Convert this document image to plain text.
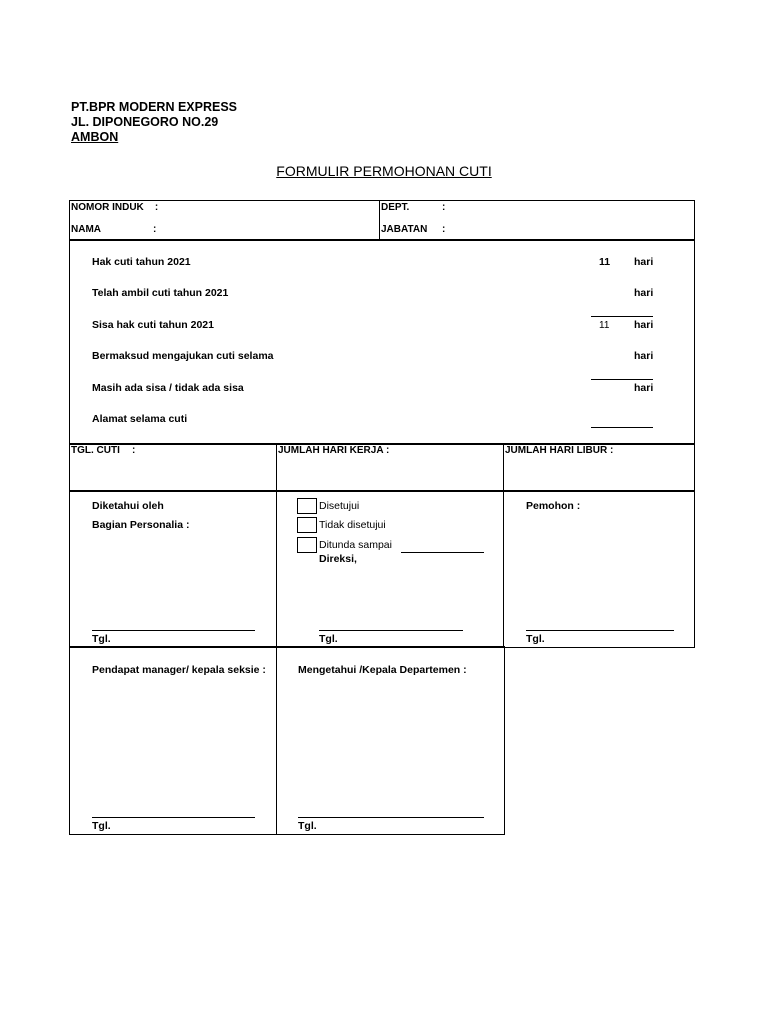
PT.BPR MODERN EXPRESS
JL. DIPONEGORO NO.29
AMBON
FORMULIR PERMOHONAN CUTI
NOMOR INDUK    :
NAMA	:
DEPT.	:
JABATAN :
Hak cuti tahun 2021	11 hari
Telah ambil cuti tahun 2021	hari
Sisa hak cuti tahun 2021	11 hari
Bermaksud mengajukan cuti selama	hari
Masih ada sisa / tidak ada sisa	hari
Alamat selama cuti
TGL. CUTI :	JUMLAH HARI KERJA :	JUMLAH HARI LIBUR :
Diketahui oleh
Bagian Personalia :
Tgl.
Disetujui
Tidak disetujui
Ditunda sampai
Direksi,
Tgl.
Pemohon :
Tgl.
Pendapat manager/ kepala seksie :
Tgl.
Mengetahui /Kepala Departemen :
Tgl.
